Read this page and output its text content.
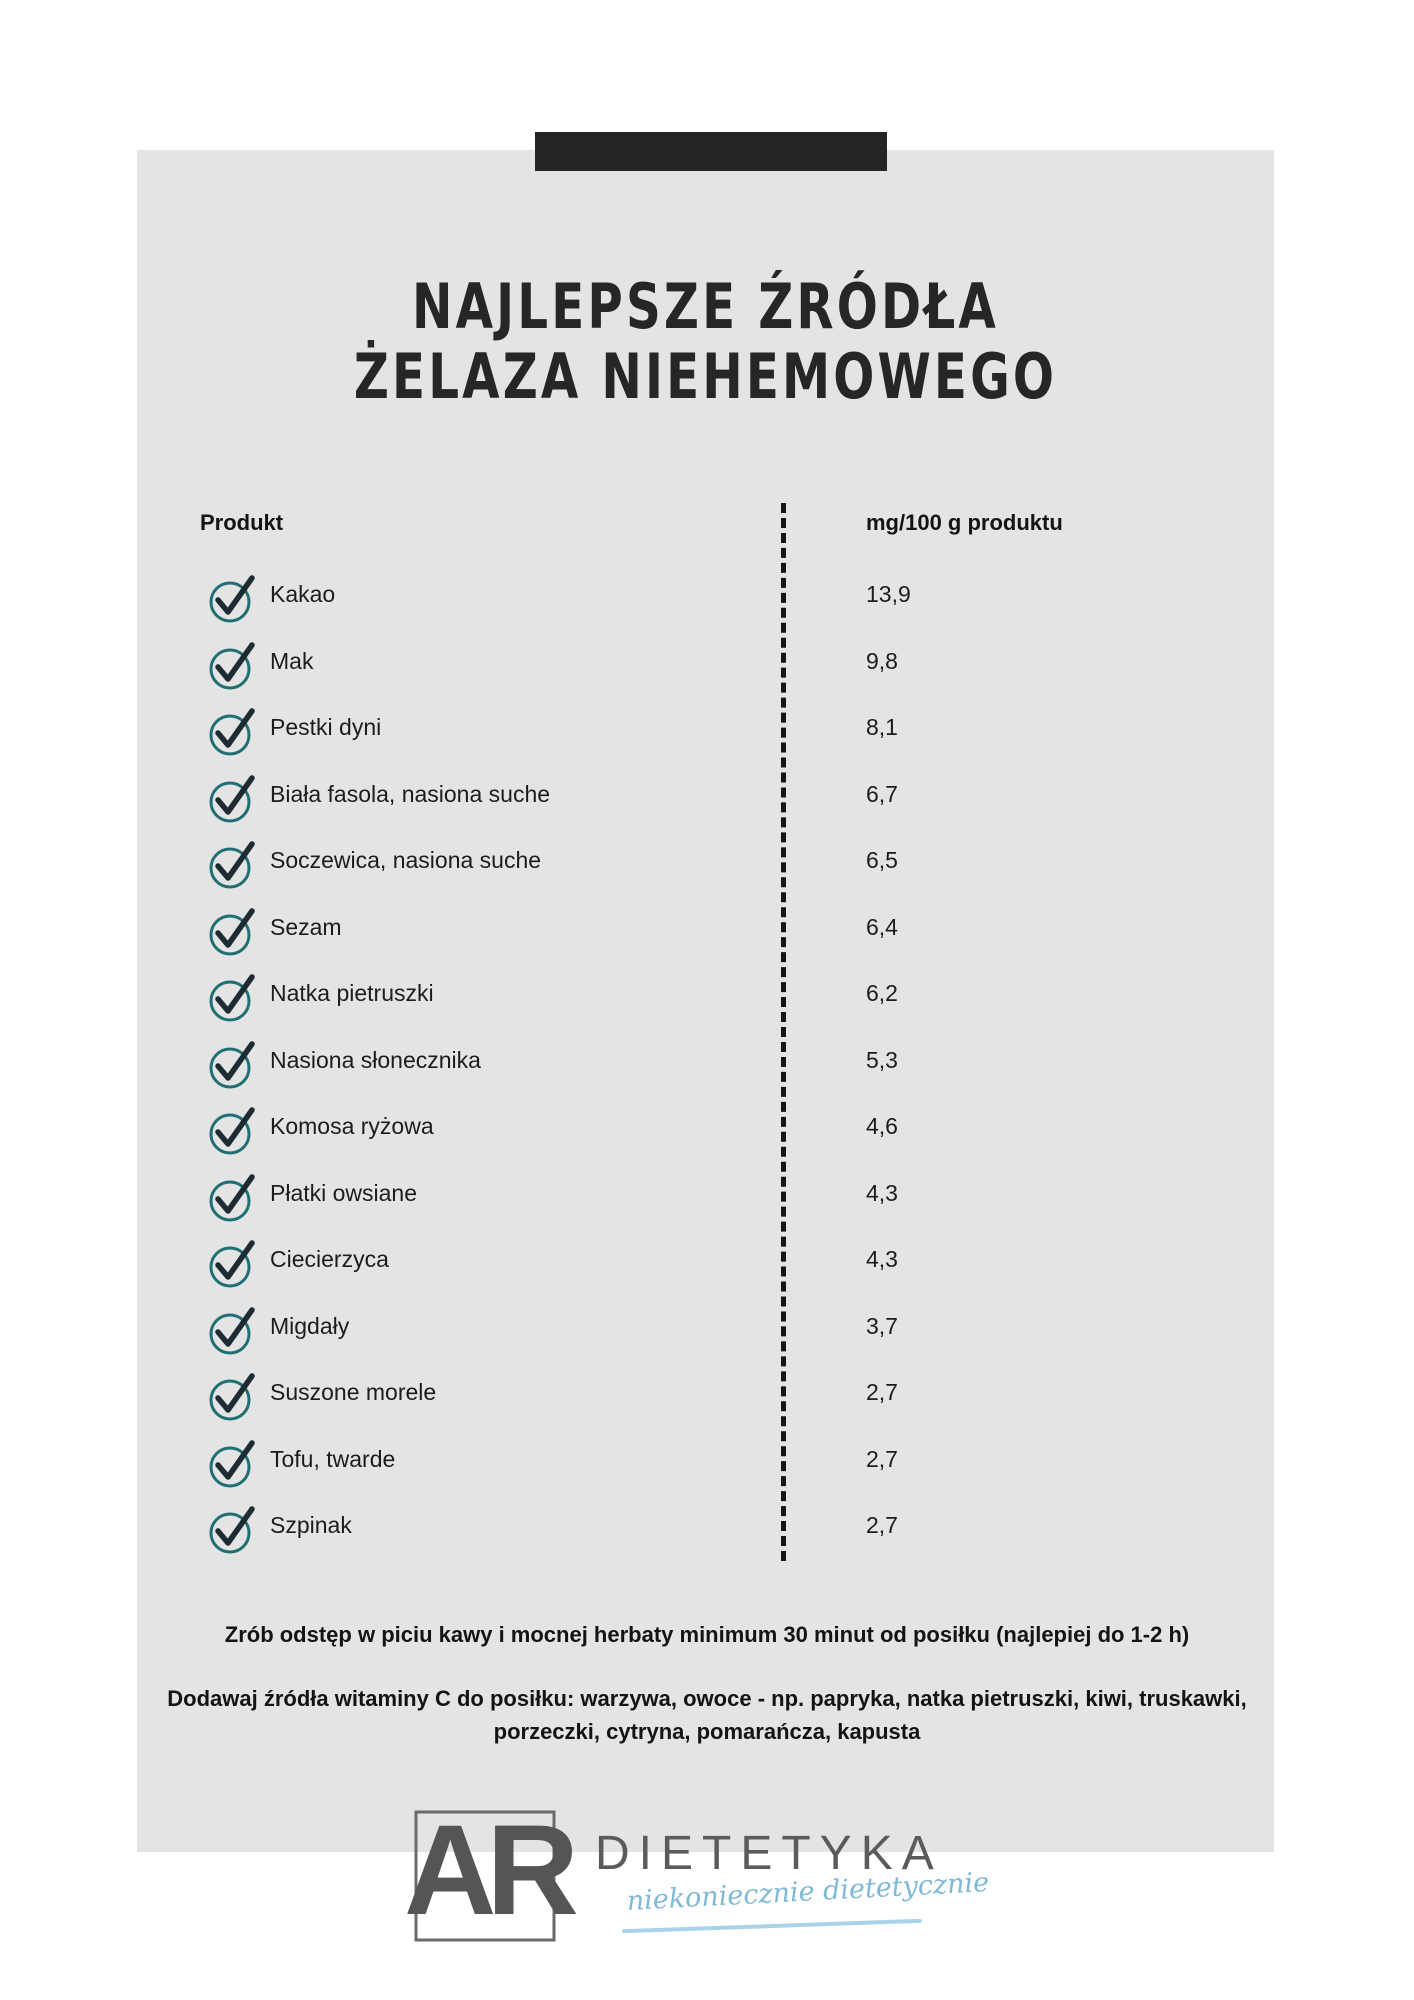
NAJLEPSZE ŹRÓDŁA
ŻELAZA NIEHEMOWEGO
Produkt	mg/100 g produktu
Kakao	13,9
Mak	9,8
Pestki dyni	8,1
Biała fasola, nasiona suche	6,7
Soczewica, nasiona suche	6,5
Sezam	6,4
Natka pietruszki	6,2
Nasiona słonecznika	5,3
Komosa ryżowa	4,6
Płatki owsiane	4,3
Ciecierzyca	4,3
Migdały	3,7
Suszone morele	2,7
Tofu, twarde	2,7
Szpinak	2,7
Zrób odstęp w piciu kawy i mocnej herbaty minimum 30 minut od posiłku (najlepiej do 1-2 h)
Dodawaj źródła witaminy C do posiłku: warzywa, owoce - np. papryka, natka pietruszki, kiwi, truskawki, porzeczki, cytryna, pomarańcza, kapusta
AR DIETETYKA
niekoniecznie dietetycznie
